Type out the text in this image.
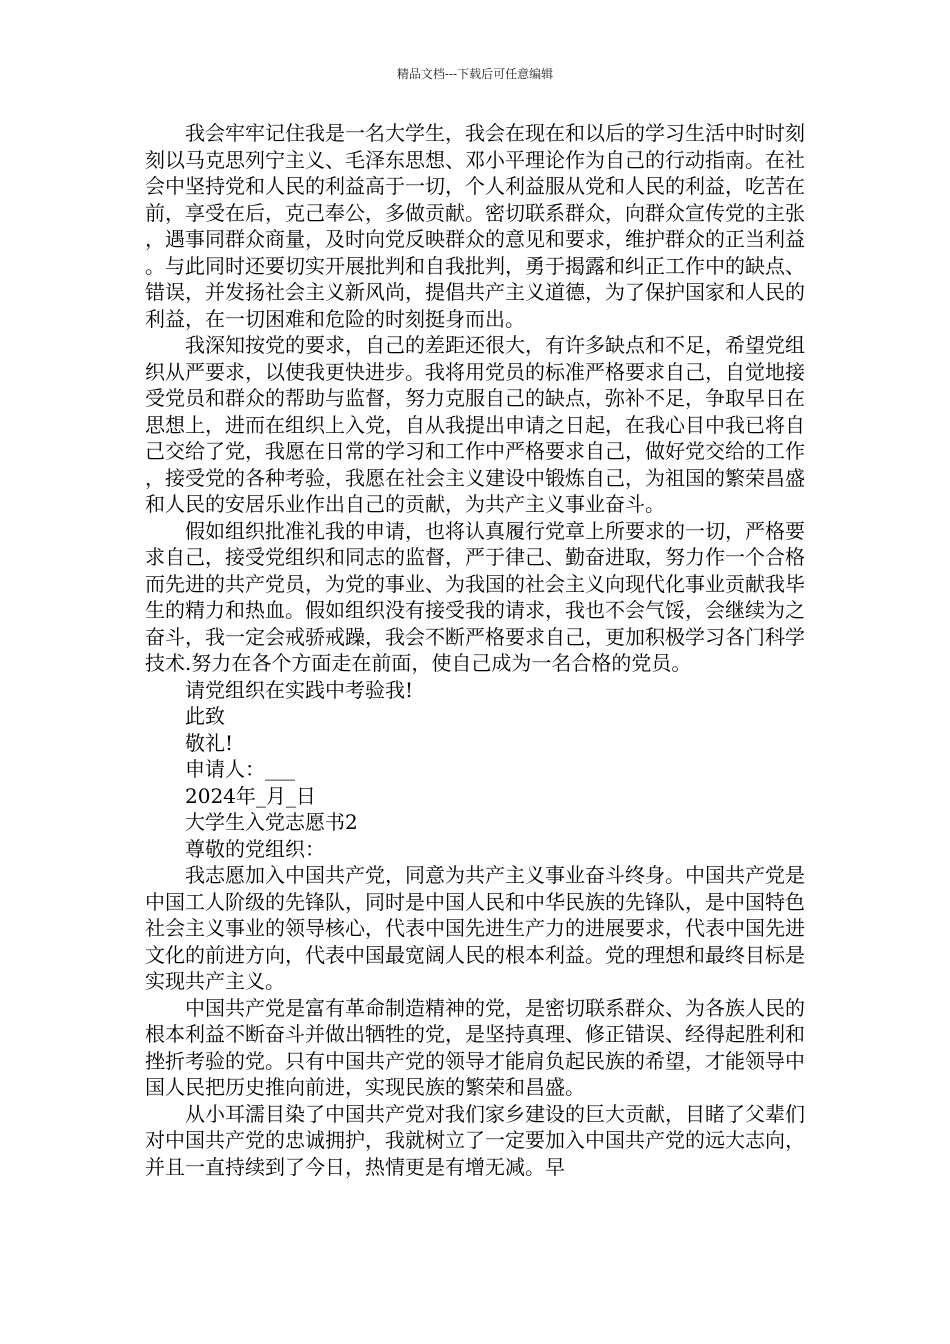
精品文档---下载后可任意编辑

我会牢牢记住我是一名大学生，我会在现在和以后的学习生活中时时刻刻以马克思列宁主义、毛泽东思想、邓小平理论作为自己的行动指南。在社会中坚持党和人民的利益高于一切，个人利益服从党和人民的利益，吃苦在前，享受在后，克己奉公，多做贡献。密切联系群众，向群众宣传党的主张，遇事同群众商量，及时向党反映群众的意见和要求，维护群众的正当利益。与此同时还要切实开展批判和自我批判，勇于揭露和纠正工作中的缺点、错误，并发扬社会主义新风尚，提倡共产主义道德，为了保护国家和人民的利益，在一切困难和危险的时刻挺身而出。

我深知按党的要求，自己的差距还很大，有许多缺点和不足，希望党组织从严要求，以使我更快进步。我将用党员的标准严格要求自己，自觉地接受党员和群众的帮助与监督，努力克服自己的缺点，弥补不足，争取早日在思想上，进而在组织上入党，自从我提出申请之日起，在我心目中我已将自己交给了党，我愿在日常的学习和工作中严格要求自己，做好党交给的工作，接受党的各种考验，我愿在社会主义建设中锻炼自己，为祖国的繁荣昌盛和人民的安居乐业作出自己的贡献，为共产主义事业奋斗。

假如组织批准礼我的申请，也将认真履行党章上所要求的一切，严格要求自己，接受党组织和同志的监督，严于律己、勤奋进取，努力作一个合格而先进的共产党员，为党的事业、为我国的社会主义向现代化事业贡献我毕生的精力和热血。假如组织没有接受我的请求，我也不会气馁，会继续为之奋斗，我一定会戒骄戒躁，我会不断严格要求自己，更加积极学习各门科学技术.努力在各个方面走在前面，使自己成为一名合格的党员。

请党组织在实践中考验我!

此致

敬礼!

申请人：___

2024年_月_日

大学生入党志愿书2

尊敬的党组织：

我志愿加入中国共产党，同意为共产主义事业奋斗终身。中国共产党是中国工人阶级的先锋队，同时是中国人民和中华民族的先锋队，是中国特色社会主义事业的领导核心，代表中国先进生产力的进展要求，代表中国先进文化的前进方向，代表中国最宽阔人民的根本利益。党的理想和最终目标是实现共产主义。

中国共产党是富有革命制造精神的党，是密切联系群众、为各族人民的根本利益不断奋斗并做出牺牲的党，是坚持真理、修正错误、经得起胜利和挫折考验的党。只有中国共产党的领导才能肩负起民族的希望，才能领导中国人民把历史推向前进，实现民族的繁荣和昌盛。

从小耳濡目染了中国共产党对我们家乡建设的巨大贡献，目睹了父辈们对中国共产党的忠诚拥护，我就树立了一定要加入中国共产党的远大志向，并且一直持续到了今日，热情更是有增无减。早
